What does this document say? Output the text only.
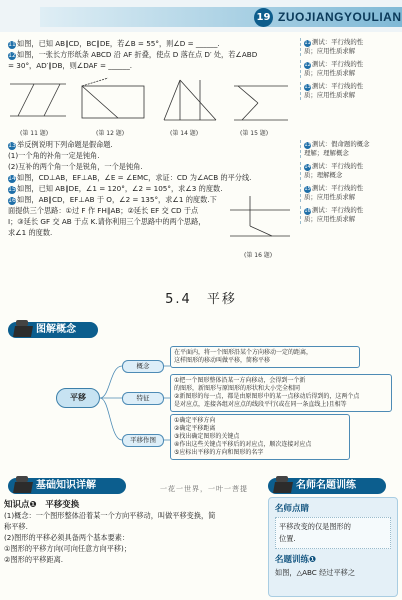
19 ZUOJIANGYOULIAN
11如图，已知 AB∥CD，BC∥DE，若∠B = 55°，则∠D = ______.
12如图，一张长方形纸条 ABCD 沿 AF 折叠，使点 D 落在点 D′ 处，若∠ABD
= 30°，AD′∥DB，则∠DAF = ______.
(第 11 题)	(第 12 题)	(第 14 题)	(第 15 题)
13举反例说明下列命题是假命题.
(1)一个角的补角一定是钝角.
(2)互补的两个角一个是锐角，一个是钝角.
14如图，CD⊥AB，EF⊥AB，∠E = ∠EMC，求证：CD 为∠ACB 的平分线.
15如图，已知 AB∥DE，∠1 = 120°，∠2 = 105°，求∠3 的度数.
16如图，AB∥CD，EF⊥AB 于 O，∠2 = 135°，求∠1 的度数.下
面提供三个思路：①过 F 作 FH∥AB；②延长 EF 交 CD 于点
I；③延长 GF 交 AB 于点 K.请你利用三个思路中的两个思路，
求∠1 的度数.
(第 16 题)
11测试：平行线的性
质；应用性质求解
12测试：平行线的性
质；应用性质求解
13测试：平行线的性
质；应用性质求解
13测试：假命题的概念
理解；理解概念
14测试：平行线的性
质；理解概念
15测试：平行线的性
质；应用性质求解
16测试：平行线的性
质；应用性质求解
5.4　平移
图解概念
平移
概念
特征
平移作图
在平面内，将一个图形沿某个方向移动一定的距离，
这样图形的移动叫做平移，简称平移
①把一个图形整体沿某一方向移动，会得到一个新
的图形，新图形与原图形的形状和大小完全相同
②新图形的每一点，都是由原图形中的某一点移动后得到的，这两个点
是对应点，连接各组对应点的线段平行(或在同一条直线上)且相等
①确定平移方向
②确定平移距离
③找出确定图形的关键点
④作出这些关键点平移后的对应点，顺次连接对应点
⑤应标出平移的方向和图形的名字
基础知识详解	一花一世界，一叶一菩提	名师名题训练
知识点❶　平移变换
(1)概念：一个图形整体沿着某一个方向平移动，叫做平移变换，简
称平移.
(2)图形的平移必须具备两个基本要素：
①图形的平移方向(可向任意方向平移)；
②图形的平移距离.
名师点睛
平移改变的仅是图形的
位置.
名题训练❶
如图，△ABC 经过平移之
